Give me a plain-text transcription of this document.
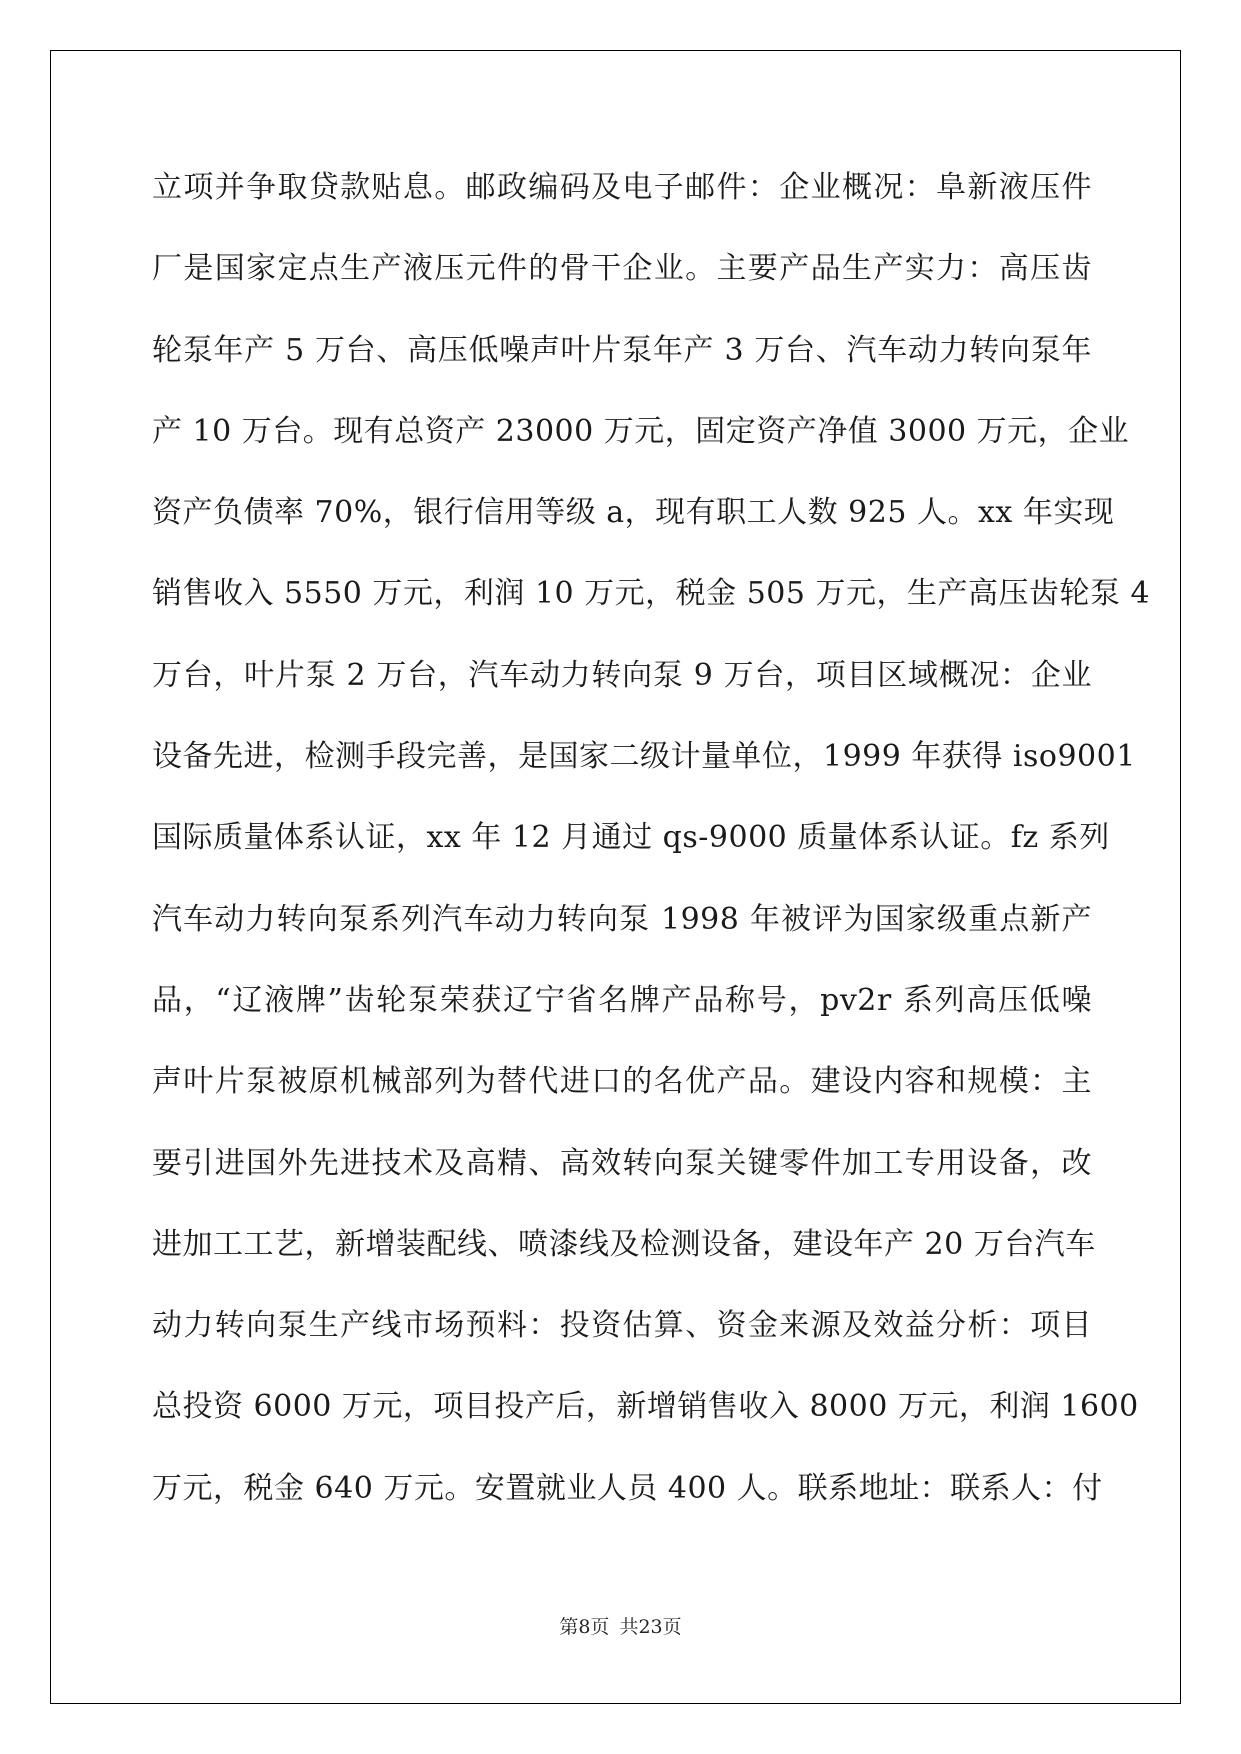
立项并争取贷款贴息。邮政编码及电子邮件：企业概况：阜新液压件
厂是国家定点生产液压元件的骨干企业。主要产品生产实力：高压齿
轮泵年产 5 万台、高压低噪声叶片泵年产 3 万台、汽车动力转向泵年
产 10 万台。现有总资产 23000 万元，固定资产净值 3000 万元，企业
资产负债率 70%，银行信用等级 a，现有职工人数 925 人。xx 年实现
销售收入 5550 万元，利润 10 万元，税金 505 万元，生产高压齿轮泵 4
万台，叶片泵 2 万台，汽车动力转向泵 9 万台，项目区域概况：企业
设备先进，检测手段完善，是国家二级计量单位，1999 年获得 iso9001
国际质量体系认证，xx 年 12 月通过 qs-9000 质量体系认证。fz 系列
汽车动力转向泵系列汽车动力转向泵 1998 年被评为国家级重点新产
品，“辽液牌”齿轮泵荣获辽宁省名牌产品称号，pv2r 系列高压低噪
声叶片泵被原机械部列为替代进口的名优产品。建设内容和规模：主
要引进国外先进技术及高精、高效转向泵关键零件加工专用设备，改
进加工工艺，新增装配线、喷漆线及检测设备，建设年产 20 万台汽车
动力转向泵生产线市场预料：投资估算、资金来源及效益分析：项目
总投资 6000 万元，项目投产后，新增销售收入 8000 万元，利润 1600
万元，税金 640 万元。安置就业人员 400 人。联系地址：联系人：付
第8页 共23页
